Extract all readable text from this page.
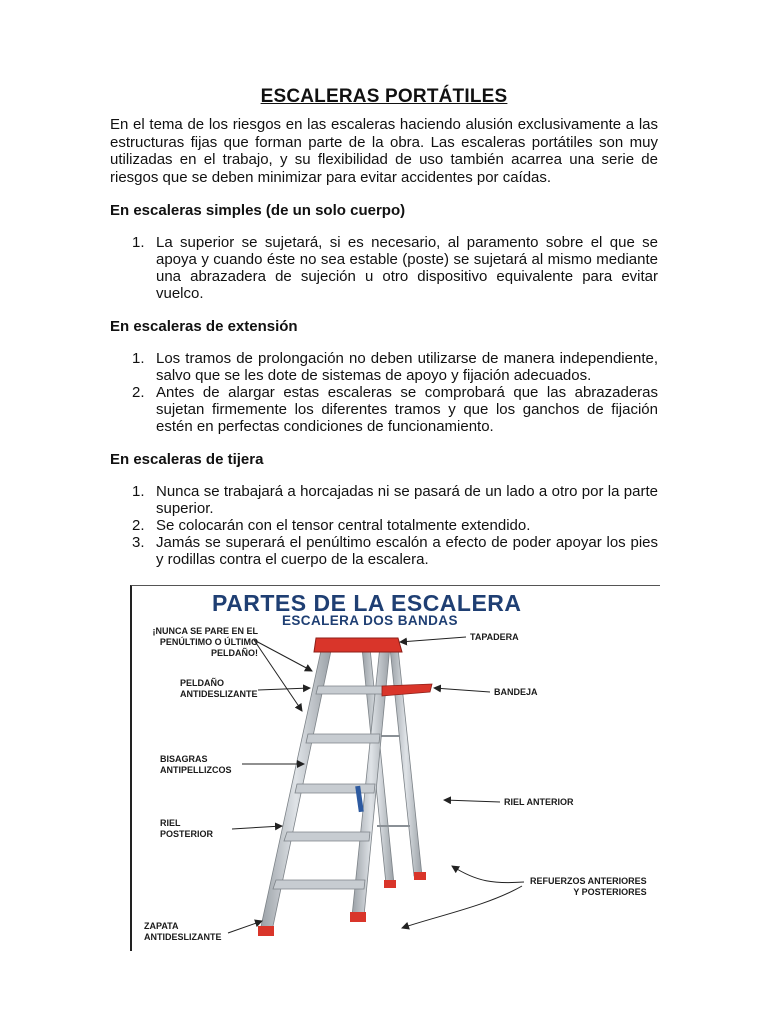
ESCALERAS PORTÁTILES

En el tema de los riesgos en las escaleras haciendo alusión exclusivamente a las estructuras fijas que forman parte de la obra. Las escaleras portátiles son muy utilizadas en el trabajo, y su flexibilidad de uso también acarrea una serie de riesgos que se deben minimizar para evitar accidentes por caídas.

En escaleras simples (de un solo cuerpo)
1. La superior se sujetará, si es necesario, al paramento sobre el que se apoya y cuando éste no sea estable (poste) se sujetará al mismo mediante una abrazadera de sujeción u otro dispositivo equivalente para evitar vuelco.
En escaleras de extensión
1. Los tramos de prolongación no deben utilizarse de manera independiente, salvo que se les dote de sistemas de apoyo y fijación adecuados.
2. Antes de alargar estas escaleras se comprobará que las abrazaderas sujetan firmemente los diferentes tramos y que los ganchos de fijación estén en perfectas condiciones de funcionamiento.
En escaleras de tijera
1. Nunca se trabajará a horcajadas ni se pasará de un lado a otro por la parte superior.
2. Se colocarán con el tensor central totalmente extendido.
3. Jamás se superará el penúltimo escalón a efecto de poder apoyar los pies y rodillas contra el cuerpo de la escalera.
PARTES DE LA ESCALERA
ESCALERA DOS BANDAS
¡NUNCA SE PARE EN EL
PENÚLTIMO O ÚLTIMO
PELDAÑO!
PELDAÑO
ANTIDESLIZANTE
BISAGRAS
ANTIPELLIZCOS
RIEL
POSTERIOR
ZAPATA
ANTIDESLIZANTE
TAPADERA
BANDEJA
RIEL ANTERIOR
REFUERZOS ANTERIORES
Y POSTERIORES
